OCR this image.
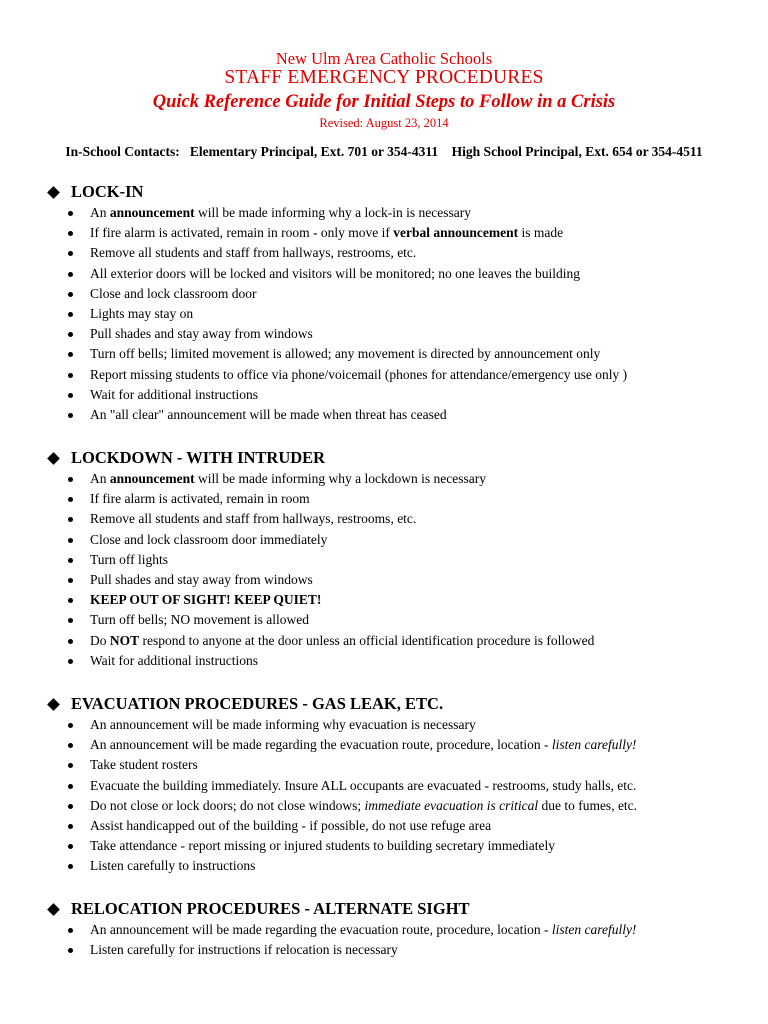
New Ulm Area Catholic Schools
STAFF EMERGENCY PROCEDURES
Quick Reference Guide for Initial Steps to Follow in a Crisis
Revised: August 23, 2014
In-School Contacts:   Elementary Principal, Ext. 701 or 354-4311    High School Principal, Ext. 654 or 354-4511
LOCK-IN
An announcement will be made informing why a lock-in is necessary
If fire alarm is activated, remain in room - only move if verbal announcement is made
Remove all students and staff from hallways, restrooms, etc.
All exterior doors will be locked and visitors will be monitored; no one leaves the building
Close and lock classroom door
Lights may stay on
Pull shades and stay away from windows
Turn off bells; limited movement is allowed; any movement is directed by announcement only
Report missing students to office via phone/voicemail (phones for attendance/emergency use only )
Wait for additional instructions
An "all clear" announcement will be made when threat has ceased
LOCKDOWN - WITH INTRUDER
An announcement will be made informing why a lockdown is necessary
If fire alarm is activated, remain in room
Remove all students and staff from hallways, restrooms, etc.
Close and lock classroom door immediately
Turn off lights
Pull shades and stay away from windows
KEEP OUT OF SIGHT! KEEP QUIET!
Turn off bells; NO movement is allowed
Do NOT respond to anyone at the door unless an official identification procedure is followed
Wait for additional instructions
EVACUATION PROCEDURES - GAS LEAK, ETC.
An announcement will be made informing why evacuation is necessary
An announcement will be made regarding the evacuation route, procedure, location - listen carefully!
Take student rosters
Evacuate the building immediately. Insure ALL occupants are evacuated - restrooms, study halls, etc.
Do not close or lock doors; do not close windows; immediate evacuation is critical due to fumes, etc.
Assist handicapped out of the building - if possible, do not use refuge area
Take attendance - report missing or injured students to building secretary immediately
Listen carefully to instructions
RELOCATION PROCEDURES - ALTERNATE SIGHT
An announcement will be made regarding the evacuation route, procedure, location - listen carefully!
Listen carefully for instructions if relocation is necessary
